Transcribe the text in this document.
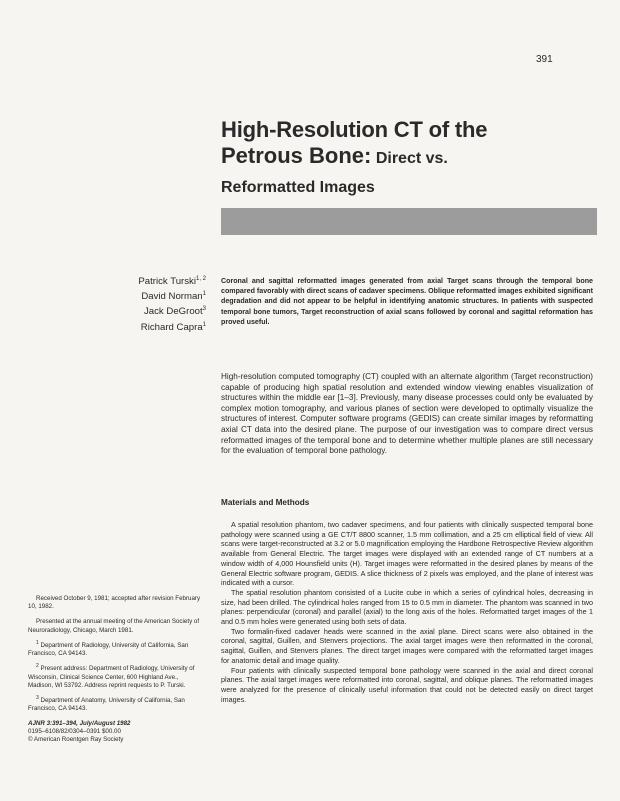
391
High-Resolution CT of the
Petrous Bone: Direct vs.
Reformatted Images
Patrick Turski$^{1, 2}$
David Norman$^1$
Jack DeGroot$^3$
Richard Capra$^1$
Coronal and sagittal reformatted images generated from axial Target scans through the temporal bone compared favorably with direct scans of cadaver specimens. Oblique reformatted images exhibited significant degradation and did not appear to be helpful in identifying anatomic structures. In patients with suspected temporal bone tumors, Target reconstruction of axial scans followed by coronal and sagittal reformation has proved useful.
High-resolution computed tomography (CT) coupled with an alternate algorithm (Target reconstruction) capable of producing high spatial resolution and extended window viewing enables visualization of structures within the middle ear [1–3]. Previously, many disease processes could only be evaluated by complex motion tomography, and various planes of section were developed to optimally visualize the structures of interest. Computer software programs (GEDIS) can create similar images by reformatting axial CT data into the desired plane. The purpose of our investigation was to compare direct versus reformatted images of the temporal bone and to determine whether multiple planes are still necessary for the evaluation of temporal bone pathology.
Materials and Methods

A spatial resolution phantom, two cadaver specimens, and four patients with clinically suspected temporal bone pathology were scanned using a GE CT/T 8800 scanner, 1.5 mm collimation, and a 25 cm elliptical field of view. All scans were target-reconstructed at 3.2 or 5.0 magnification employing the Hardbone Retrospective Review algorithm available from General Electric. The target images were displayed with an extended range of CT numbers at a window width of 4,000 Hounsfield units (H). Target images were reformatted in the desired planes by means of the General Electric software program, GEDIS. A slice thickness of 2 pixels was employed, and the plane of interest was indicated with a cursor.

The spatial resolution phantom consisted of a Lucite cube in which a series of cylindrical holes, decreasing in size, had been drilled. The cylindrical holes ranged from 15 to 0.5 mm in diameter. The phantom was scanned in two planes: perpendicular (coronal) and parallel (axial) to the long axis of the holes. Reformatted target images of the 1 and 0.5 mm holes were generated using both sets of data.

Two formalin-fixed cadaver heads were scanned in the axial plane. Direct scans were also obtained in the coronal, sagittal, Guillen, and Stenvers projections. The axial target images were then reformatted in the coronal, sagittal, Guillen, and Stenvers planes. The direct target images were compared with the reformatted target images for anatomic detail and image quality.

Four patients with clinically suspected temporal bone pathology were scanned in the axial and direct coronal planes. The axial target images were reformatted into coronal, sagittal, and oblique planes. The reformatted images were analyzed for the presence of clinically useful information that could not be detected easily on direct target images.

Received October 9, 1981; accepted after revision February 10, 1982.

Presented at the annual meeting of the American Society of Neuroradiology, Chicago, March 1981.

$^1$ Department of Radiology, University of California, San Francisco, CA 94143.

$^2$ Present address: Department of Radiology, University of Wisconsin, Clinical Science Center, 600 Highland Ave., Madison, WI 53792. Address reprint requests to P. Turski.

$^3$ Department of Anatomy, University of California, San Francisco, CA 94143.

AJNR 3:391–394, July/August 1982
0195–6108/82/0304–0391 $00.00
© American Roentgen Ray Society
